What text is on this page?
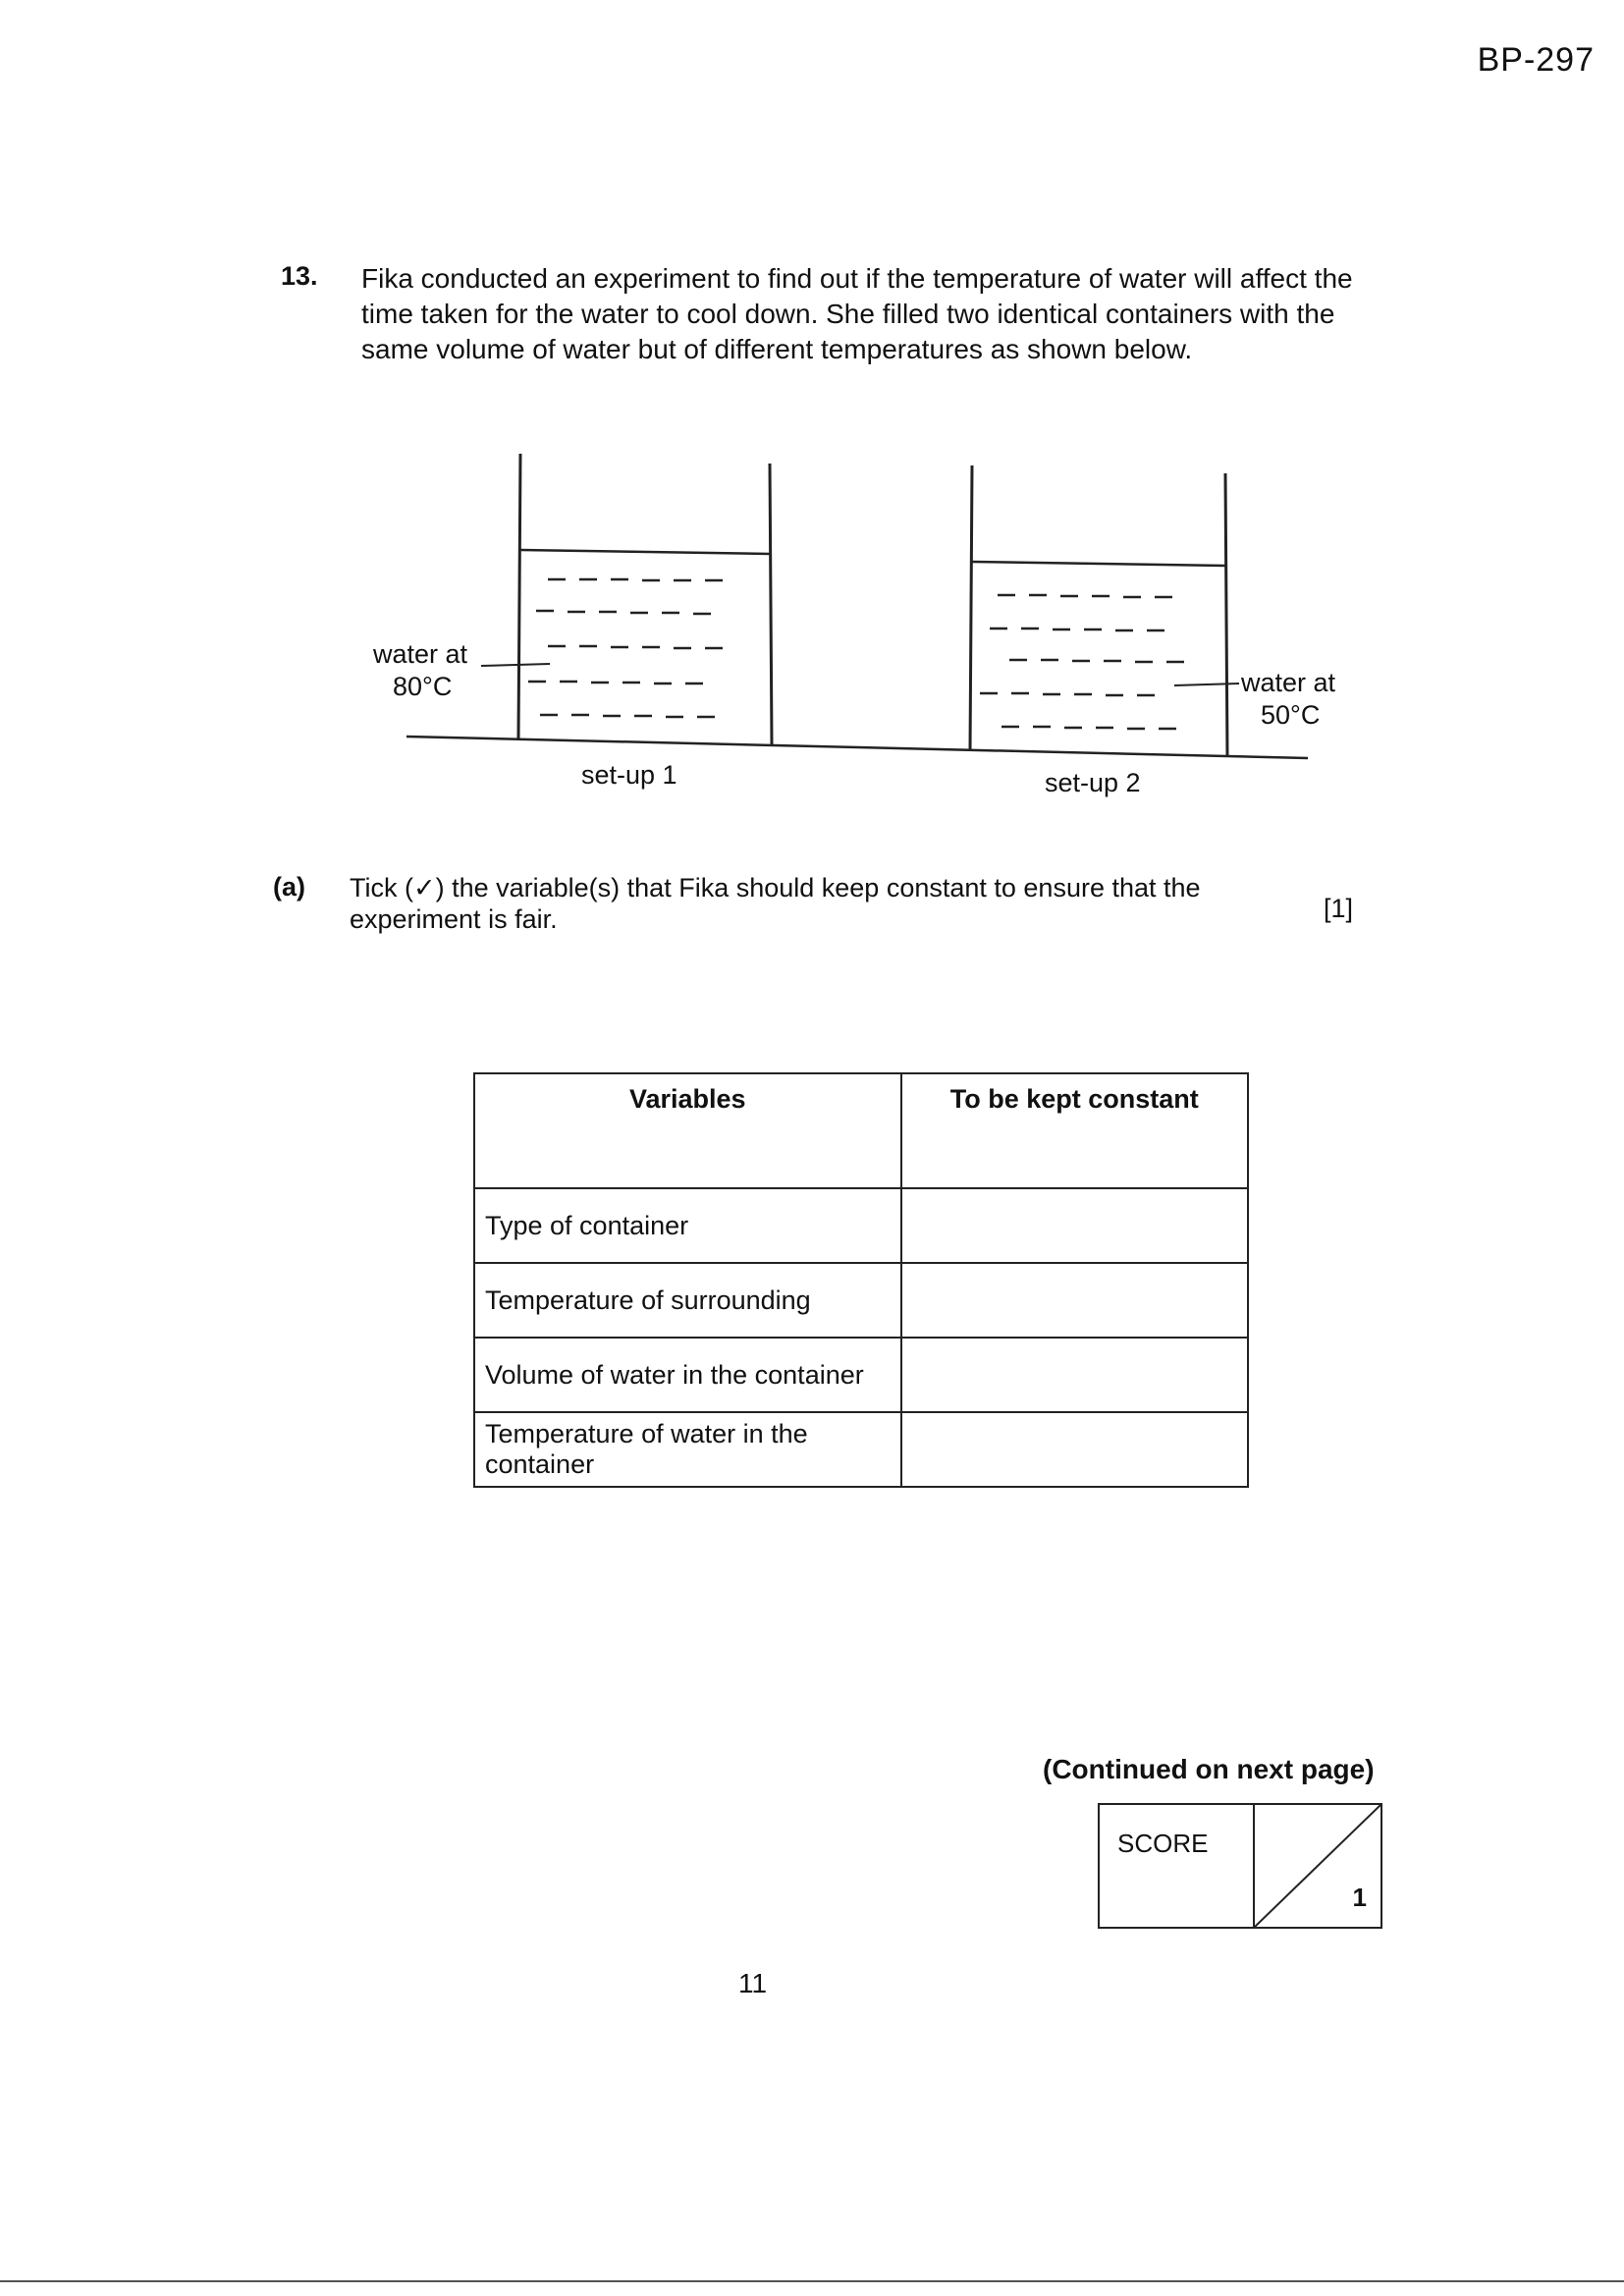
BP-297
13. Fika conducted an experiment to find out if the temperature of water will affect the time taken for the water to cool down. She filled two identical containers with the same volume of water but of different temperatures as shown below.
water at
80°C
set-up 1
water at
50°C
set-up 2
(a) Tick (✓) the variable(s) that Fika should keep constant to ensure that the experiment is fair.	[1]
Variables	To be kept constant
Type of container	
Temperature of surrounding	
Volume of water in the container	
Temperature of water in the container	
(Continued on next page)
SCORE
1
11
